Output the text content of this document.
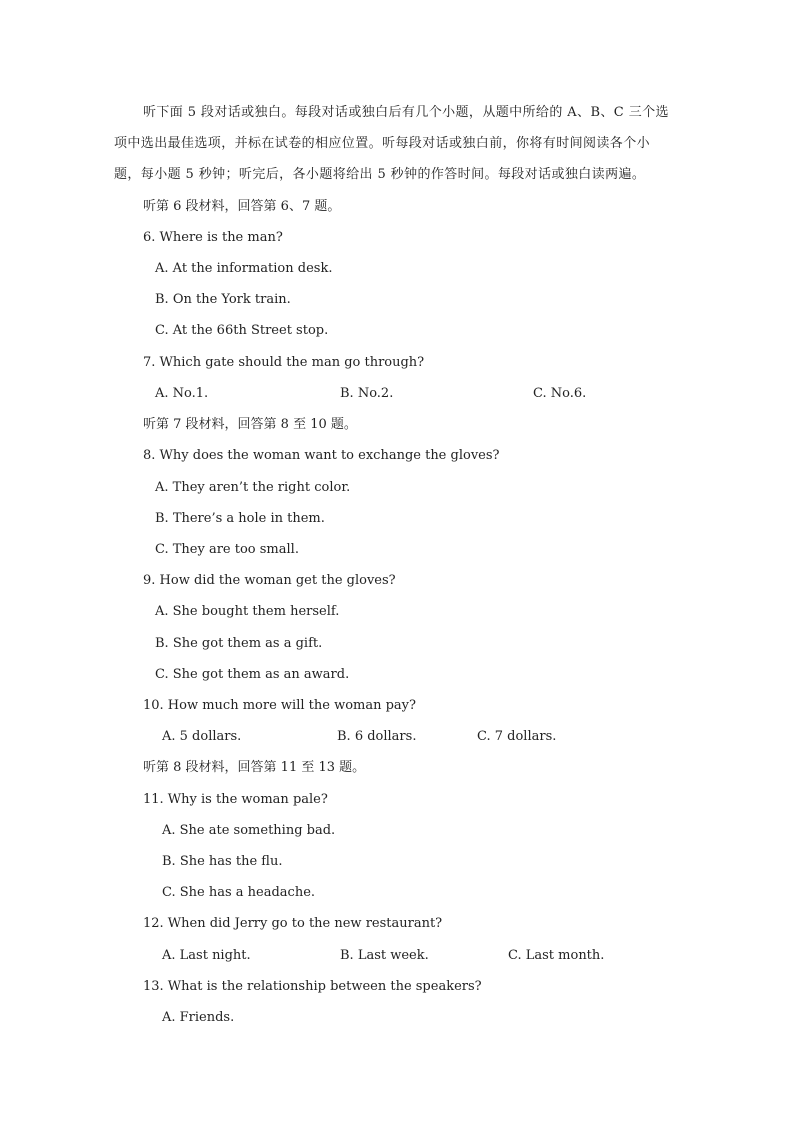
听下面 5 段对话或独白。每段对话或独白后有几个小题，从题中所给的 A、B、C 三个选
项中选出最佳选项，并标在试卷的相应位置。听每段对话或独白前，你将有时间阅读各个小
题，每小题 5 秒钟；听完后，各小题将给出 5 秒钟的作答时间。每段对话或独白读两遍。
听第 6 段材料，回答第 6、7 题。
6. Where is the man?
A. At the information desk.
B. On the York train.
C. At the 66th Street stop.
7. Which gate should the man go through?
A. No.1.	B. No.2.	C. No.6.
听第 7 段材料，回答第 8 至 10 题。
8. Why does the woman want to exchange the gloves?
A. They aren’t the right color.
B. There’s a hole in them.
C. They are too small.
9. How did the woman get the gloves?
A. She bought them herself.
B. She got them as a gift.
C. She got them as an award.
10. How much more will the woman pay?
A. 5 dollars.	B. 6 dollars.	C. 7 dollars.
听第 8 段材料，回答第 11 至 13 题。
11. Why is the woman pale?
A. She ate something bad.
B. She has the flu.
C. She has a headache.
12. When did Jerry go to the new restaurant?
A. Last night.	B. Last week.	C. Last month.
13. What is the relationship between the speakers?
A. Friends.
